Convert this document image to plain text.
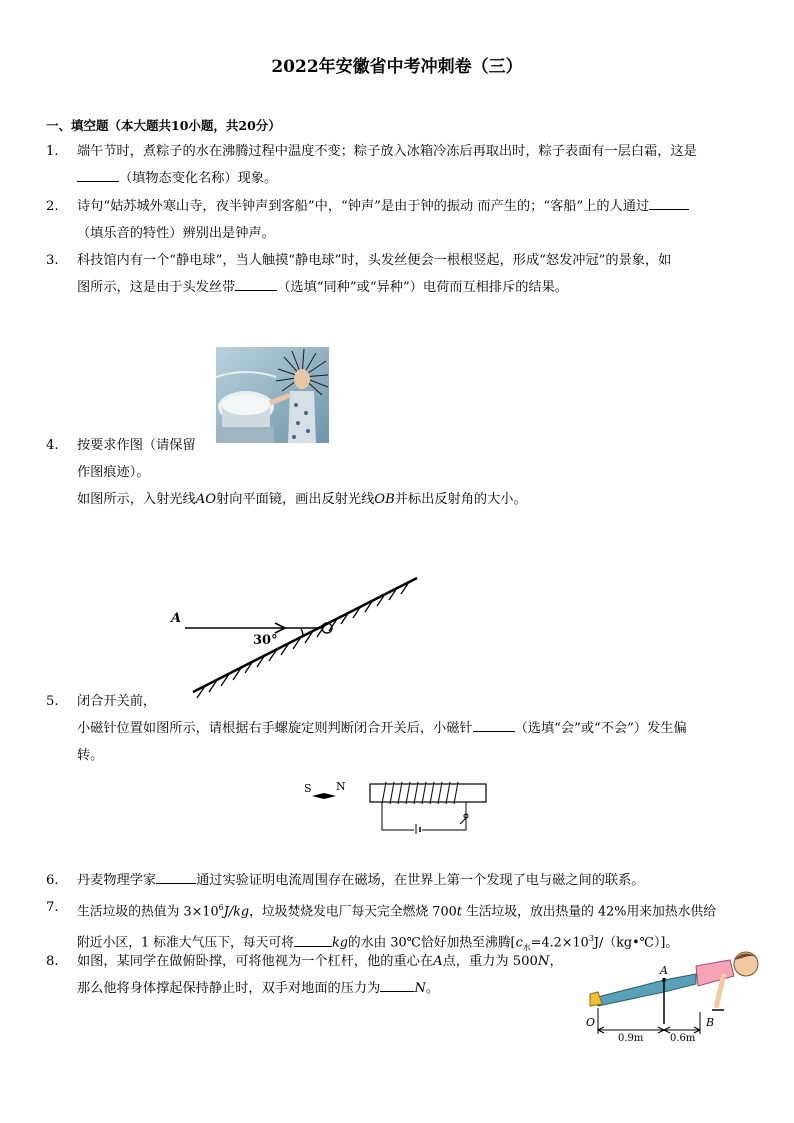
2022年安徽省中考冲刺卷（三）
一、填空题（本大题共10小题，共20分）
1.	端午节时，煮粽子的水在沸腾过程中温度不变；粽子放入冰箱冷冻后再取出时，粽子表面有一层白霜，这是
（填物态变化名称）现象。
2.	诗句“姑苏城外寒山寺，夜半钟声到客船”中，“钟声”是由于钟的振动 而产生的；“客船”上的人通过
（填乐音的特性）辨别出是钟声。
3.	科技馆内有一个“静电球”，当人触摸“静电球”时，头发丝便会一根根竖起，形成“怒发冲冠”的景象，如
图所示，这是由于头发丝带	（选填“同种”或“异种”）电荷而互相排斥的结果。
4.	按要求作图（请保留
作图痕迹）。
如图所示，入射光线AO射向平面镜，画出反射光线OB并标出反射角的大小。
A
30°
5.	闭合开关前，
小磁针位置如图所示，请根据右手螺旋定则判断闭合开关后，小磁针	（选填“会”或“不会”）发生偏
转。
S N
6.	丹麦物理学家	通过实验证明电流周围存在磁场，在世界上第一个发现了电与磁之间的联系。
7.	生活垃圾的热值为 $3\times 10^6J/kg$，垃圾焚烧发电厂每天完全燃烧 700t 生活垃圾，放出热量的 42%用来加热水供给
附近小区，1 标准大气压下，每天可将	kg的水由 30℃恰好加热至沸腾$[c_水=4.2\times 10^3J/(kg•℃)]$。
8.	如图，某同学在做俯卧撑，可将他视为一个杠杆，他的重心在A点，重力为 500N，
那么他将身体撑起保持静止时，双手对地面的压力为	N。
A
O	B
0.9m	0.6m
